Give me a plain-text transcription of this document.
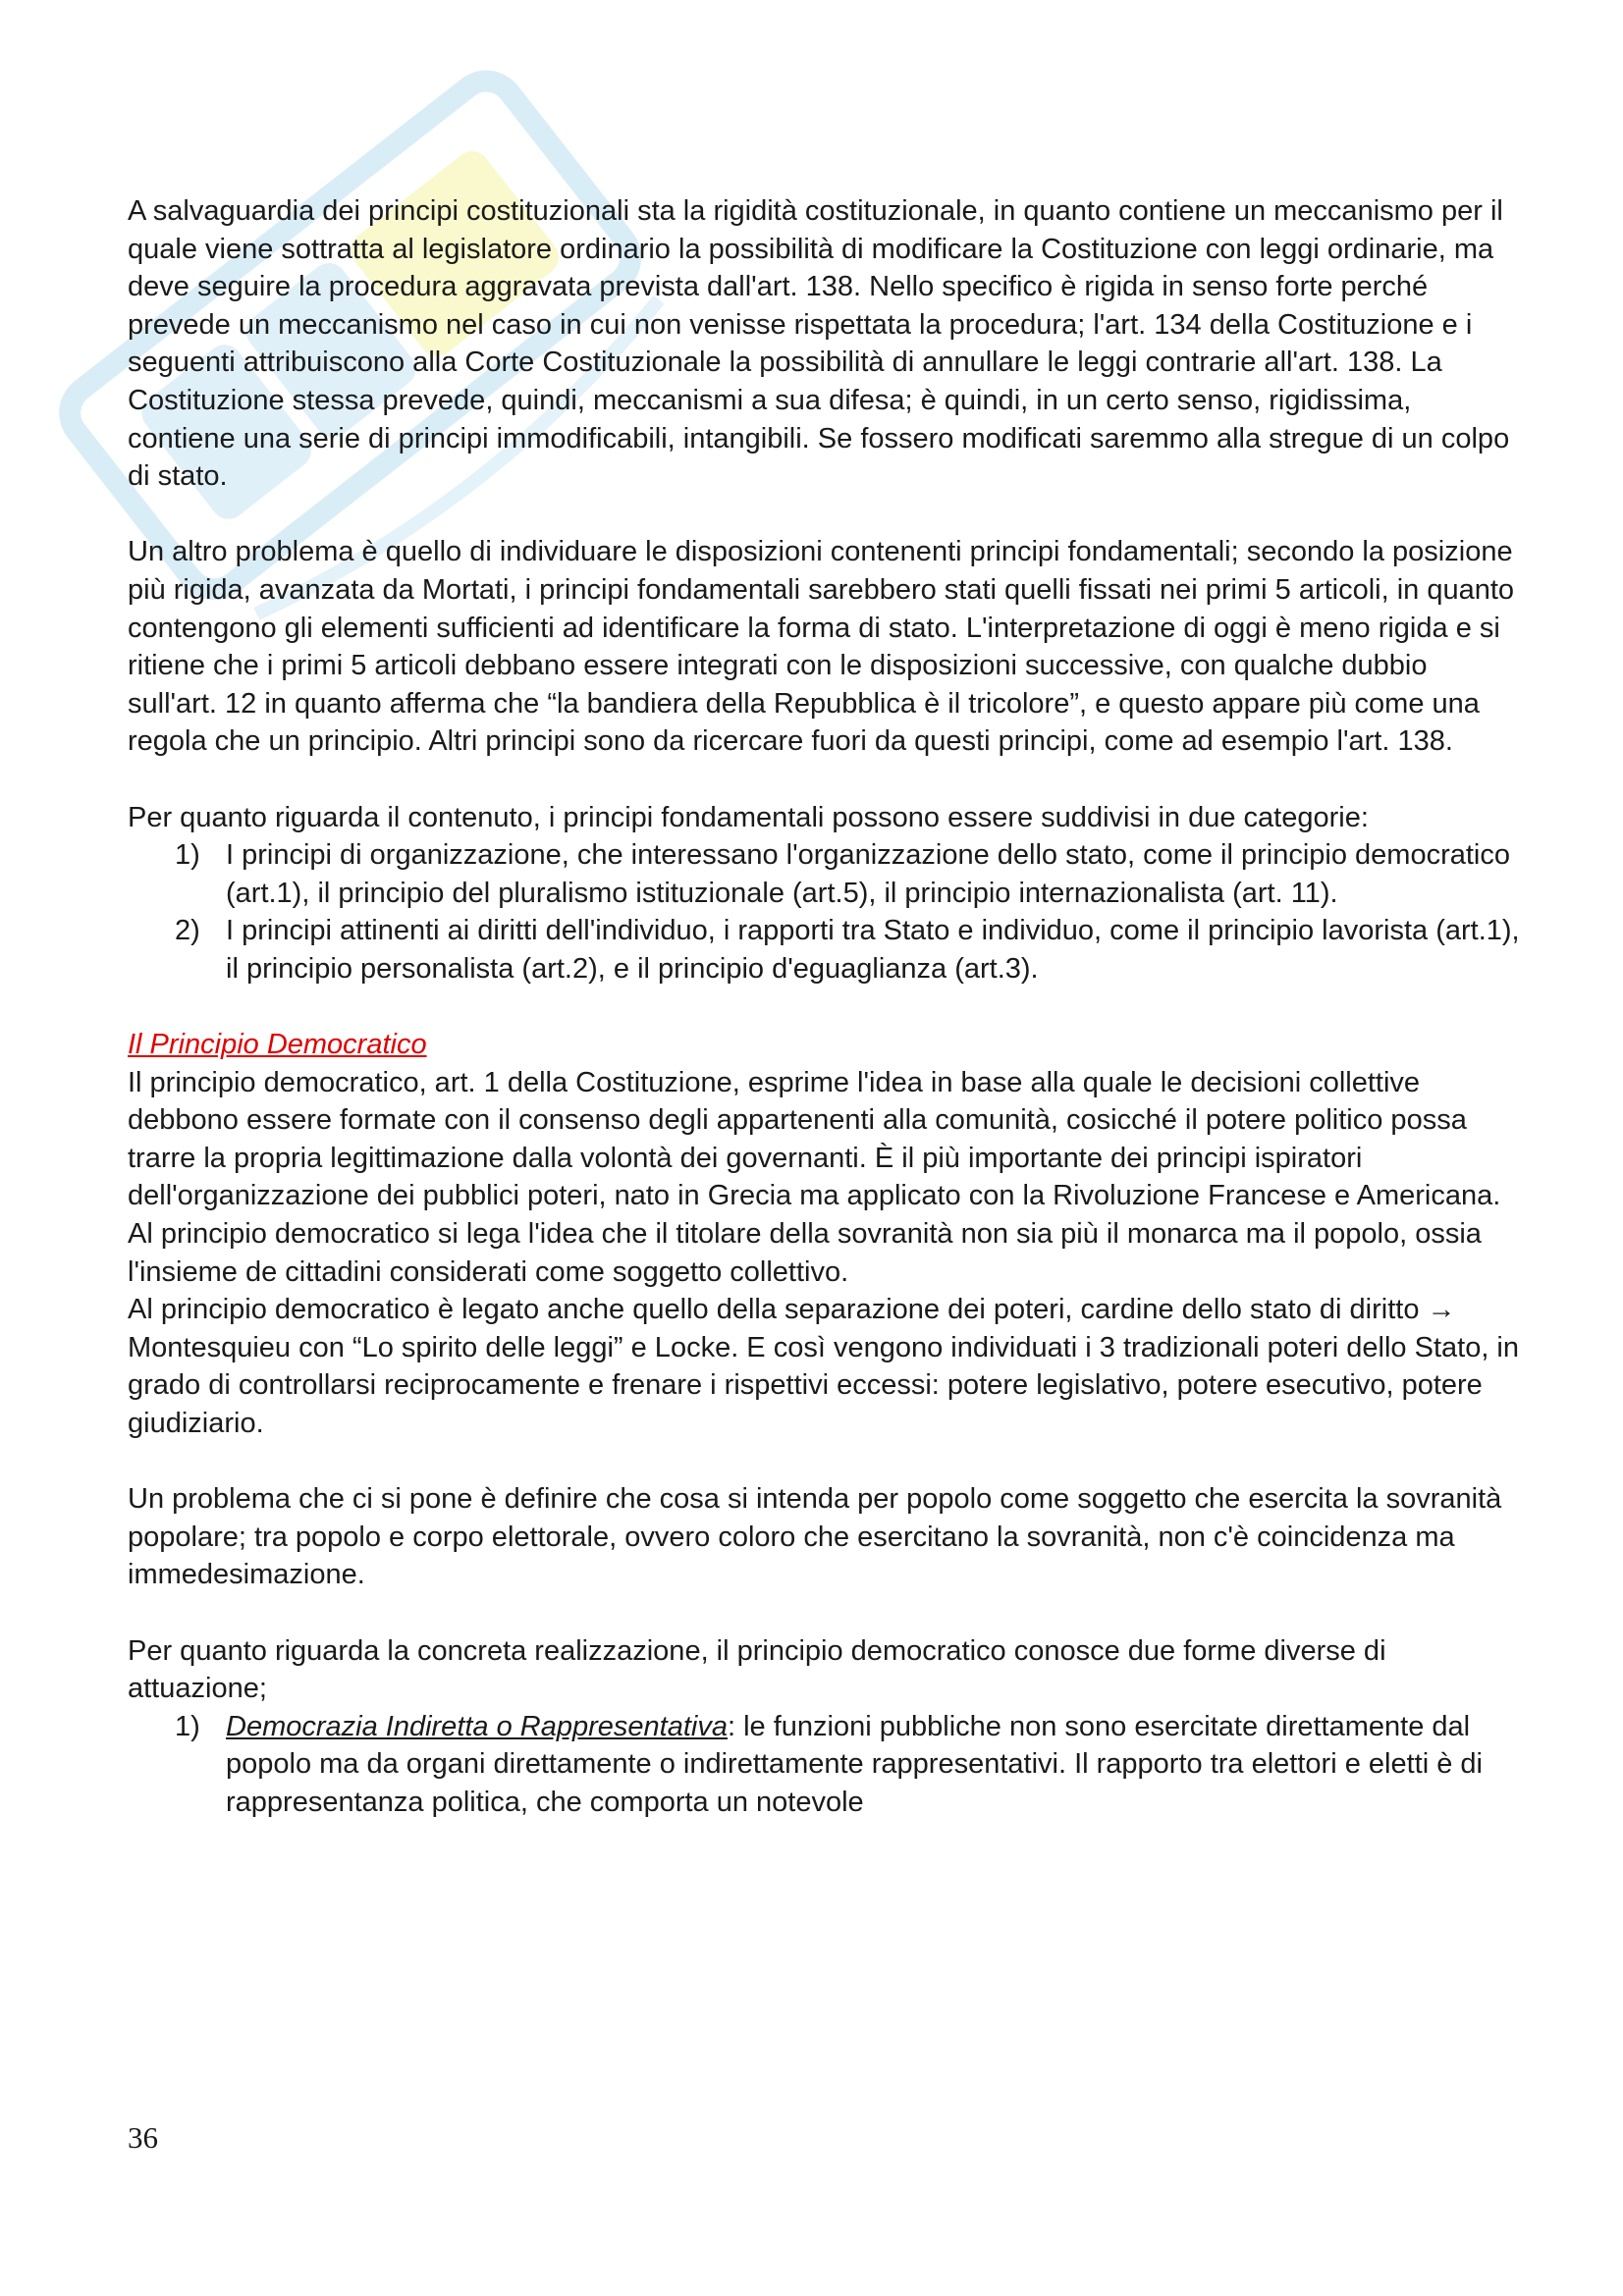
A salvaguardia dei principi costituzionali sta la rigidità costituzionale, in quanto contiene un meccanismo per il quale viene sottratta al legislatore ordinario la possibilità di modificare la Costituzione con leggi ordinarie, ma deve seguire la procedura aggravata prevista dall'art. 138. Nello specifico è rigida in senso forte perché prevede un meccanismo nel caso in cui non venisse rispettata la procedura; l'art. 134 della Costituzione e i seguenti attribuiscono alla Corte Costituzionale la possibilità di annullare le leggi contrarie all'art. 138. La Costituzione stessa prevede, quindi, meccanismi a sua difesa; è quindi, in un certo senso, rigidissima, contiene una serie di principi immodificabili, intangibili. Se fossero modificati saremmo alla stregue di un colpo di stato.

Un altro problema è quello di individuare le disposizioni contenenti principi fondamentali; secondo la posizione più rigida, avanzata da Mortati, i principi fondamentali sarebbero stati quelli fissati nei primi 5 articoli, in quanto contengono gli elementi sufficienti ad identificare la forma di stato. L'interpretazione di oggi è meno rigida e si ritiene che i primi 5 articoli debbano essere integrati con le disposizioni successive, con qualche dubbio sull'art. 12 in quanto afferma che “la bandiera della Repubblica è il tricolore”, e questo appare più come una regola che un principio. Altri principi sono da ricercare fuori da questi principi, come ad esempio l'art. 138.

Per quanto riguarda il contenuto, i principi fondamentali possono essere suddivisi in due categorie:

1) I principi di organizzazione, che interessano l'organizzazione dello stato, come il principio democratico (art.1), il principio del pluralismo istituzionale (art.5), il principio internazionalista (art. 11).
2) I principi attinenti ai diritti dell'individuo, i rapporti tra Stato e individuo, come il principio lavorista (art.1), il principio personalista (art.2), e il principio d'eguaglianza (art.3).

Il Principio Democratico

Il principio democratico, art. 1 della Costituzione, esprime l'idea in base alla quale le decisioni collettive debbono essere formate con il consenso degli appartenenti alla comunità, cosicché il potere politico possa trarre la propria legittimazione dalla volontà dei governanti. È il più importante dei principi ispiratori dell'organizzazione dei pubblici poteri, nato in Grecia ma applicato con la Rivoluzione Francese e Americana.

Al principio democratico si lega l'idea che il titolare della sovranità non sia più il monarca ma il popolo, ossia l'insieme de cittadini considerati come soggetto collettivo.

Al principio democratico è legato anche quello della separazione dei poteri, cardine dello stato di diritto → Montesquieu con “Lo spirito delle leggi” e Locke. E così vengono individuati i 3 tradizionali poteri dello Stato, in grado di controllarsi reciprocamente e frenare i rispettivi eccessi: potere legislativo, potere esecutivo, potere giudiziario.

Un problema che ci si pone è definire che cosa si intenda per popolo come soggetto che esercita la sovranità popolare; tra popolo e corpo elettorale, ovvero coloro che esercitano la sovranità, non c'è coincidenza ma immedesimazione.

Per quanto riguarda la concreta realizzazione, il principio democratico conosce due forme diverse di attuazione;

1) Democrazia Indiretta o Rappresentativa: le funzioni pubbliche non sono esercitate direttamente dal popolo ma da organi direttamente o indirettamente rappresentativi. Il rapporto tra elettori e eletti è di rappresentanza politica, che comporta un notevole
36
